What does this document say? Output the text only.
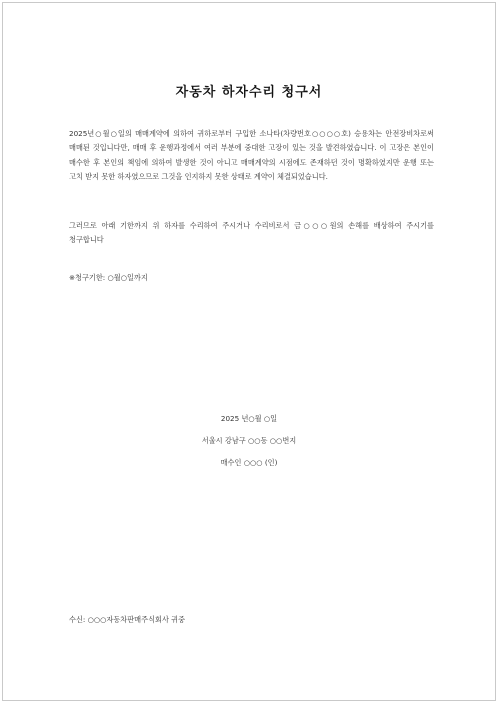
자동차 하자수리 청구서
2025년○월○일의 매매계약에 의하여 귀하로부터 구입한 소나타(차량번호○○○○호) 승용차는 안전장비차로써 매매된 것입니다만, 매매 후 운행과정에서 여러 부분에 중대한 고장이 있는 것을 발견하였습니다. 이 고장은 본인이 매수한 후 본인의 책임에 의하여 발생한 것이 아니고 매매계약의 시점에도 존재하던 것이 명확하였지만 운행 또는 고치 받지 못한 하자였으므로 그것을 인지하지 못한 상태로 계약이 체결되었습니다.
그러므로 아래 기한까지 위 하자를 수리하여 주시거나 수리비로서 금○○○원의 손해를 배상하여 주시기를 청구합니다
※청구기한: ○월○일까지
2025 년○월 ○일
서울시 강남구 ○○동 ○○번지
매수인 ○○○ (인)
수신: ○○○자동차판매주식회사 귀중
